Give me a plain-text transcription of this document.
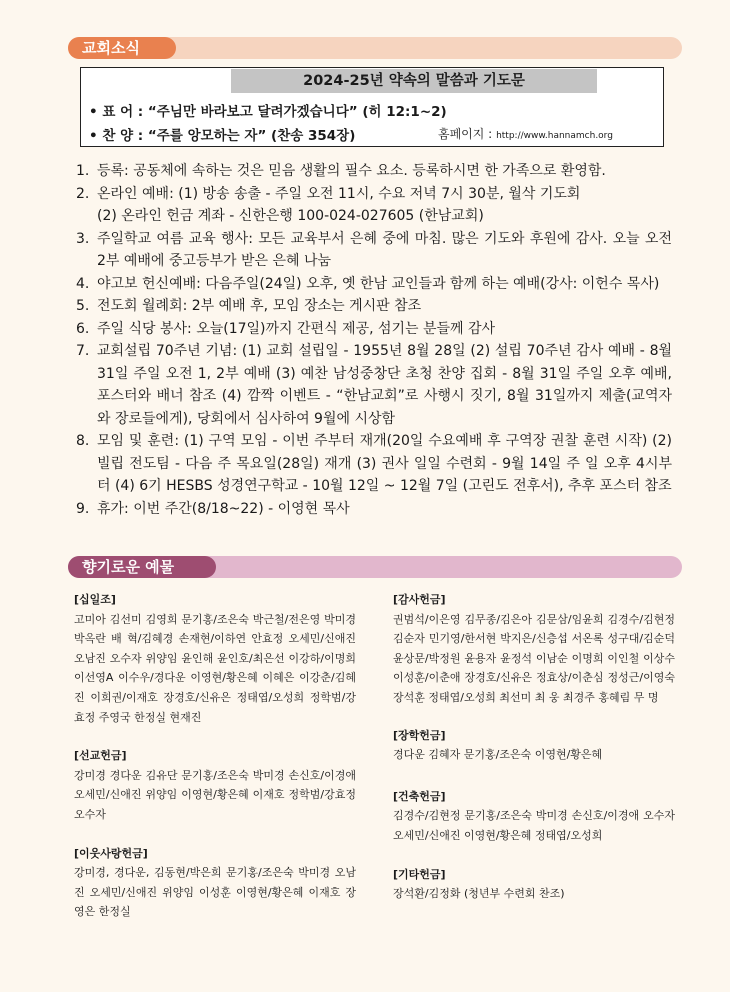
교회소식
2024-25년 약속의 말씀과 기도문
• 표 어 : “주님만 바라보고 달려가겠습니다” (히 12:1~2)
• 찬 양 : “주를 앙모하는 자” (찬송 354장)	홈페이지 : http://www.hannamch.org
1. 등록: 공동체에 속하는 것은 믿음 생활의 필수 요소. 등록하시면 한 가족으로 환영함.
2. 온라인 예배: (1) 방송 송출 - 주일 오전 11시, 수요 저녁 7시 30분, 월삭 기도회
(2) 온라인 헌금 계좌 - 신한은행 100-024-027605 (한남교회)
3. 주일학교 여름 교육 행사: 모든 교육부서 은혜 중에 마침. 많은 기도와 후원에 감사. 오늘 오전 2부 예배에 중고등부가 받은 은혜 나눔
4. 야고보 헌신예배: 다음주일(24일) 오후, 옛 한남 교인들과 함께 하는 예배(강사: 이헌수 목사)
5. 전도회 월례회: 2부 예배 후, 모임 장소는 게시판 참조
6. 주일 식당 봉사: 오늘(17일)까지 간편식 제공, 섬기는 분들께 감사
7. 교회설립 70주년 기념: (1) 교회 설립일 - 1955년 8월 28일 (2) 설립 70주년 감사 예배 - 8월 31일 주일 오전 1, 2부 예배 (3) 예찬 남성중창단 초청 찬양 집회 - 8월 31일 주일 오후 예배, 포스터와 배너 참조 (4) 깜짝 이벤트 - “한남교회”로 사행시 짓기, 8월 31일까지 제출(교역자와 장로들에게), 당회에서 심사하여 9월에 시상함
8. 모임 및 훈련: (1) 구역 모임 - 이번 주부터 재개(20일 수요예배 후 구역장 권찰 훈련 시작) (2) 빌립 전도팀 - 다음 주 목요일(28일) 재개 (3) 권사 일일 수련회 - 9월 14일 주 일 오후 4시부터 (4) 6기 HESBS 성경연구학교 - 10월 12일 ~ 12월 7일 (고린도 전후서), 추후 포스터 참조
9. 휴가: 이번 주간(8/18~22) - 이영현 목사
향기로운 예물
[십일조]
고미아 김선미 김영희 문기홍/조은숙 박근철/전은영 박미경 박옥란 배 혁/김혜경 손재현/이하연 안효정 오세민/신애진 오남진 오수자 위양임 윤인해 윤인호/최은선 이강하/이명희 이선영A 이수우/경다운 이영현/황은혜 이혜은 이강춘/김혜진 이희권/이재호 장경호/신유은 정태엽/오성희 정학범/강효정 주영국 한정실 현재진
[선교헌금]
강미경 경다운 김유단 문기홍/조은숙 박미경 손신호/이경애 오세민/신애진 위양임 이영현/황은혜 이재호 정학범/강효정 오수자
[이웃사랑헌금]
강미경, 경다운, 김동현/박은희 문기홍/조은숙 박미경 오남진 오세민/신애진 위양임 이성훈 이영현/황은혜 이재호 장영은 한정실
[감사헌금]
권범석/이은영 김무종/김은아 김문삼/임윤희 김경수/김현정 김순자 민기영/한서현 박지은/신층섭 서온록 성구대/김순덕 윤상문/박정원 윤용자 윤정석 이남순 이명희 이인철 이상수 이성훈/이춘애 장경호/신유은 정효상/이춘심 정성근/이영숙 장석훈 정태엽/오성희 최선미 최 웅 최경주 홍혜림 무 명
[장학헌금]
경다운 김혜자 문기홍/조은숙 이영현/황은혜
[건축헌금]
김경수/김현정 문기홍/조은숙 박미경 손신호/이경애 오수자 오세민/신애진 이영현/황은혜 정태엽/오성희
[기타헌금]
장석환/김정화 (청년부 수련회 찬조)
